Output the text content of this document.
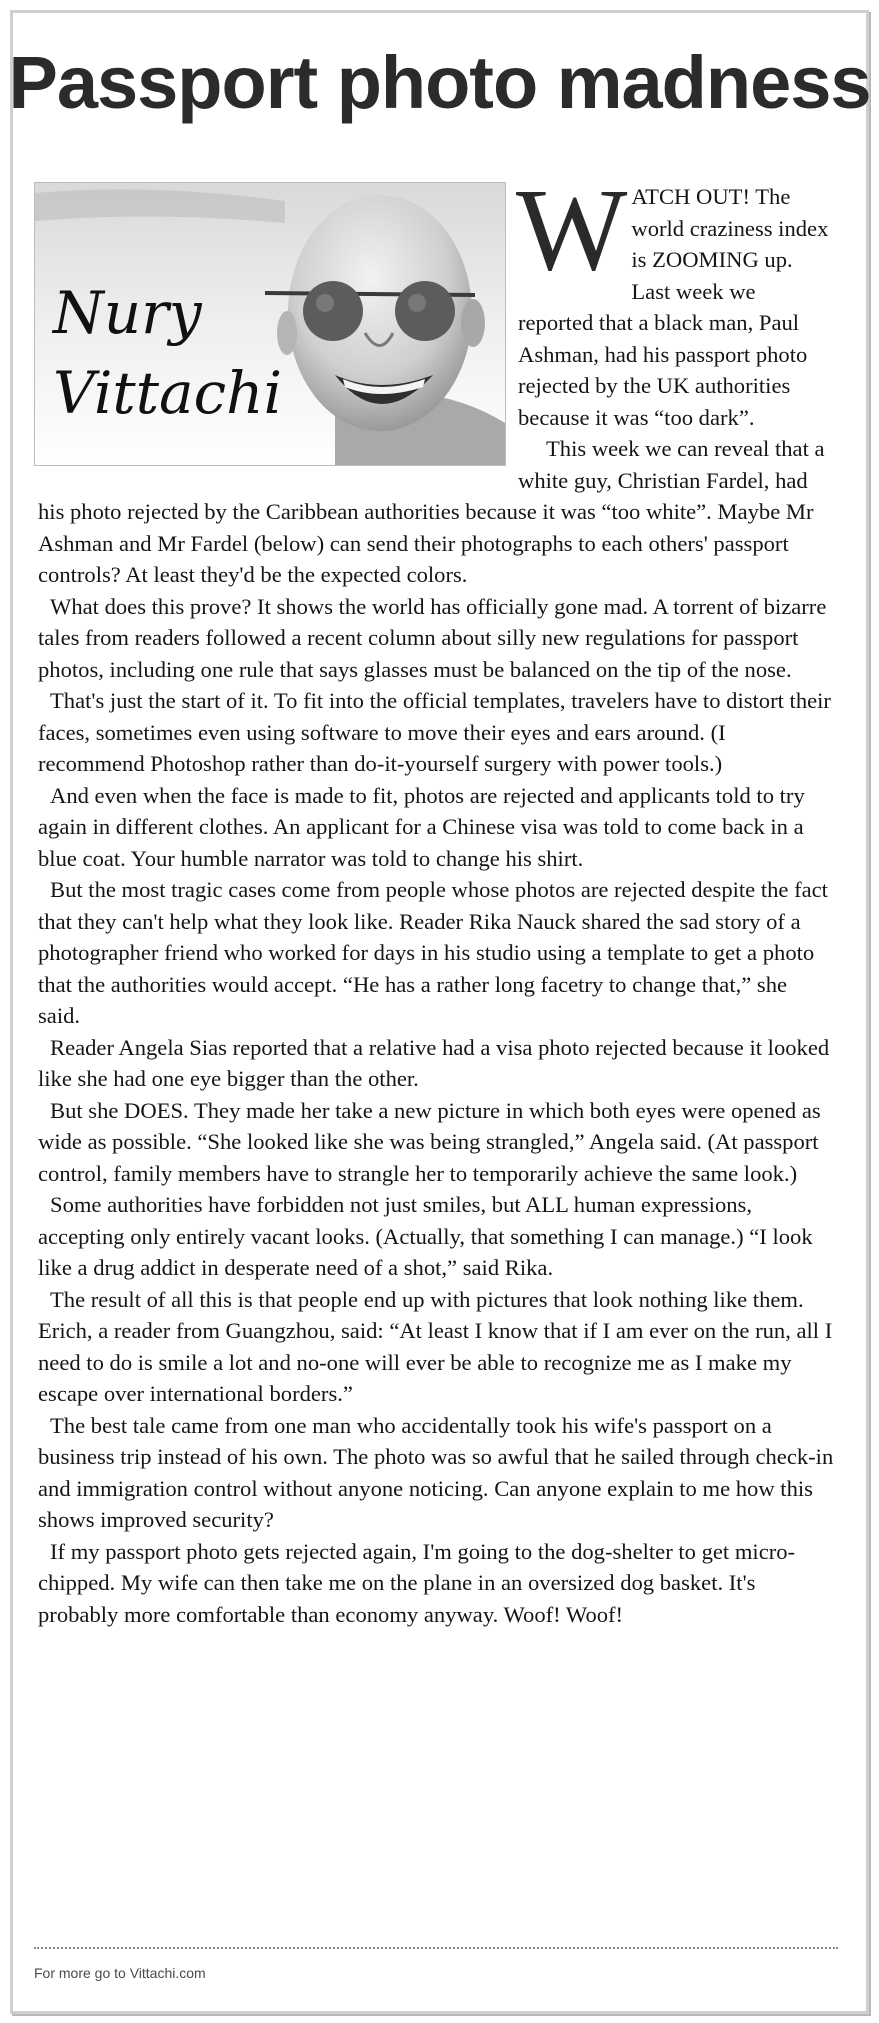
Passport photo madness
Nury
Vittachi

WATCH OUT! The world craziness index is ZOOMING up. Last week we reported that a black man, Paul Ashman, had his passport photo rejected by the UK authorities because it was “too dark”.

This week we can reveal that a white guy, Christian Fardel, had his photo rejected by the Caribbean authorities because it was “too white”. Maybe Mr Ashman and Mr Fardel (below) can send their photographs to each others' passport controls? At least they'd be the expected colors.

What does this prove? It shows the world has officially gone mad. A torrent of bizarre tales from readers followed a recent column about silly new regulations for passport photos, including one rule that says glasses must be balanced on the tip of the nose.

That's just the start of it. To fit into the official templates, travelers have to distort their faces, sometimes even using software to move their eyes and ears around. (I recommend Photoshop rather than do-it-yourself surgery with power tools.)

And even when the face is made to fit, photos are rejected and applicants told to try again in different clothes. An applicant for a Chinese visa was told to come back in a blue coat. Your humble narrator was told to change his shirt.

But the most tragic cases come from people whose photos are rejected despite the fact that they can't help what they look like. Reader Rika Nauck shared the sad story of a photographer friend who worked for days in his studio using a template to get a photo that the authorities would accept. “He has a rather long facetry to change that,” she said.

Reader Angela Sias reported that a relative had a visa photo rejected because it looked like she had one eye bigger than the other.

But she DOES. They made her take a new picture in which both eyes were opened as wide as possible. “She looked like she was being strangled,” Angela said. (At passport control, family members have to strangle her to temporarily achieve the same look.)

Some authorities have forbidden not just smiles, but ALL human expressions, accepting only entirely vacant looks. (Actually, that something I can manage.) “I look like a drug addict in desperate need of a shot,” said Rika.

The result of all this is that people end up with pictures that look nothing like them. Erich, a reader from Guangzhou, said: “At least I know that if I am ever on the run, all I need to do is smile a lot and no-one will ever be able to recognize me as I make my escape over international borders.”

The best tale came from one man who accidentally took his wife's passport on a business trip instead of his own. The photo was so awful that he sailed through check-in and immigration control without anyone noticing. Can anyone explain to me how this shows improved security?

If my passport photo gets rejected again, I'm going to the dog-shelter to get micro-chipped. My wife can then take me on the plane in an oversized dog basket. It's probably more comfortable than economy anyway. Woof! Woof!

For more go to Vittachi.com
